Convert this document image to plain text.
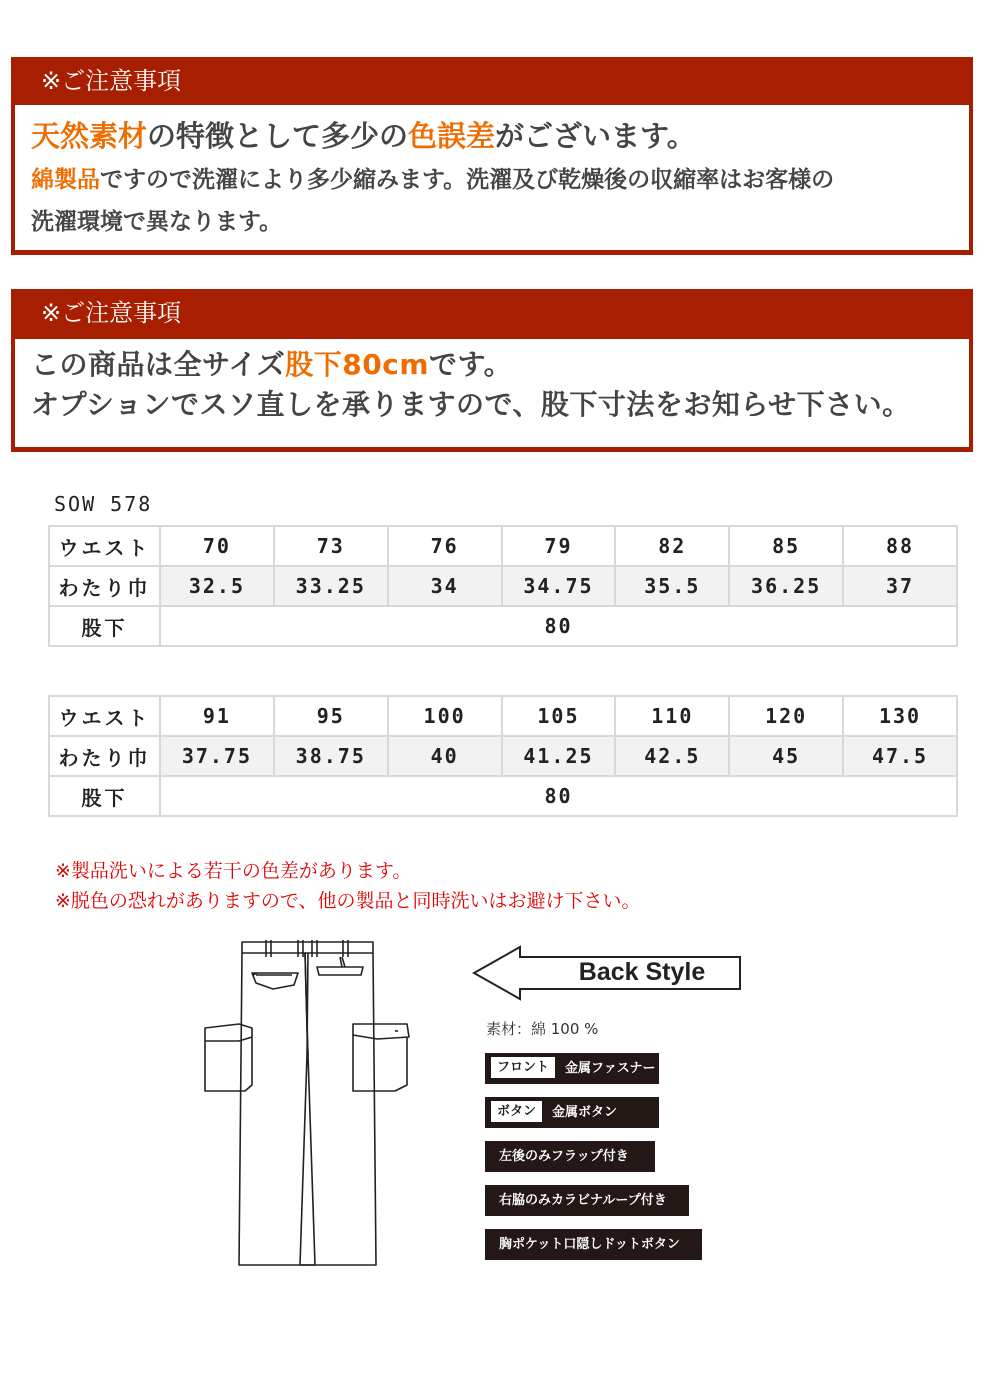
※ご注意事項
天然素材の特徴として多少の色誤差がございます。
綿製品ですので洗濯により多少縮みます。洗濯及び乾燥後の収縮率はお客様の
洗濯環境で異なります。
※ご注意事項
この商品は全サイズ股下80cmです。
オプションでスソ直しを承りますので、股下寸法をお知らせ下さい。
SOW 578
ウエスト	70	73	76	79	82	85	88
わたり巾	32.5	33.25	34	34.75	35.5	36.25	37
股下	80						
ウエスト	91	95	100	105	110	120	130
わたり巾	37.75	38.75	40	41.25	42.5	45	47.5
股下	80						
※製品洗いによる若干の色差があります。
※脱色の恐れがありますので、他の製品と同時洗いはお避け下さい。
Back Style
素材：綿 100 %
フロント 金属ファスナー
ボタン 金属ボタン
左後のみフラップ付き
右脇のみカラビナループ付き
胸ポケット口隠しドットボタン
